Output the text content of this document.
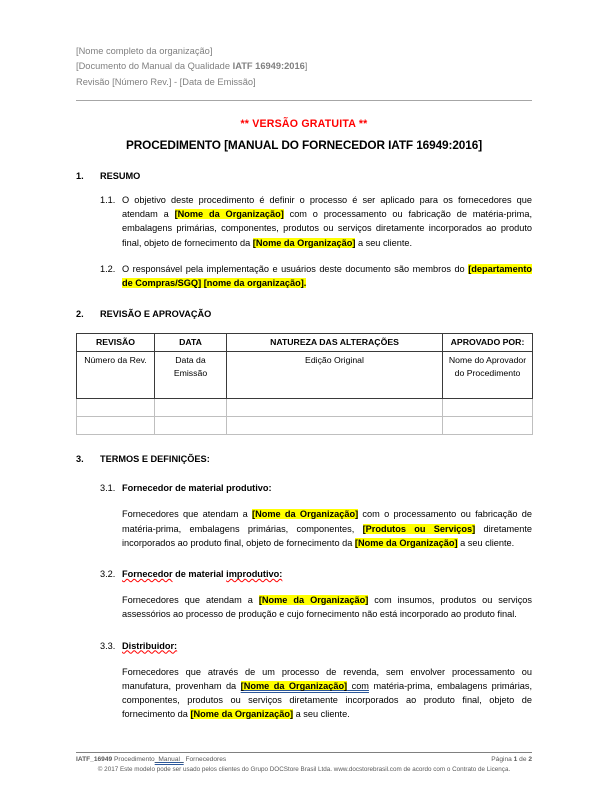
[Nome completo da organização]
[Documento do Manual da Qualidade IATF 16949:2016]
Revisão [Número Rev.] - [Data de Emissão]
** VERSÃO GRATUITA **
PROCEDIMENTO [MANUAL DO FORNECEDOR IATF 16949:2016]
1. RESUMO
1.1. O objetivo deste procedimento é definir o processo é ser aplicado para os fornecedores que atendam a [Nome da Organização] com o processamento ou fabricação de matéria-prima, embalagens primárias, componentes, produtos ou serviços diretamente incorporados ao produto final, objeto de fornecimento da [Nome da Organização] a seu cliente.
1.2. O responsável pela implementação e usuários deste documento são membros do [departamento de Compras/SGQ] [nome da organização].
2. REVISÃO E APROVAÇÃO
REVISÃO	DATA	NATUREZA DAS ALTERAÇÕES	APROVADO POR:
Número da Rev.	Data da Emissão	Edição Original	Nome do Aprovador do Procedimento

3. TERMOS E DEFINIÇÕES:
3.1. Fornecedor de material produtivo:
Fornecedores que atendam a [Nome da Organização] com o processamento ou fabricação de matéria-prima, embalagens primárias, componentes, [Produtos ou Serviços] diretamente incorporados ao produto final, objeto de fornecimento da [Nome da Organização] a seu cliente.
3.2. Fornecedor de material improdutivo:
Fornecedores que atendam a [Nome da Organização] com insumos, produtos ou serviços assessórios ao processo de produção e cujo fornecimento não está incorporado ao produto final.
3.3. Distribuidor:
Fornecedores que através de um processo de revenda, sem envolver processamento ou manufatura, provenham da [Nome da Organização] com matéria-prima, embalagens primárias, componentes, produtos ou serviços diretamente incorporados ao produto final, objeto de fornecimento da [Nome da Organização] a seu cliente.
IATF_16949 Procedimento_Manual_ Fornecedores	Página 1 de 2
© 2017 Este modelo pode ser usado pelos clientes do Grupo DOCStore Brasil Ltda. www.docstorebrasil.com de acordo com o Contrato de Licença.
